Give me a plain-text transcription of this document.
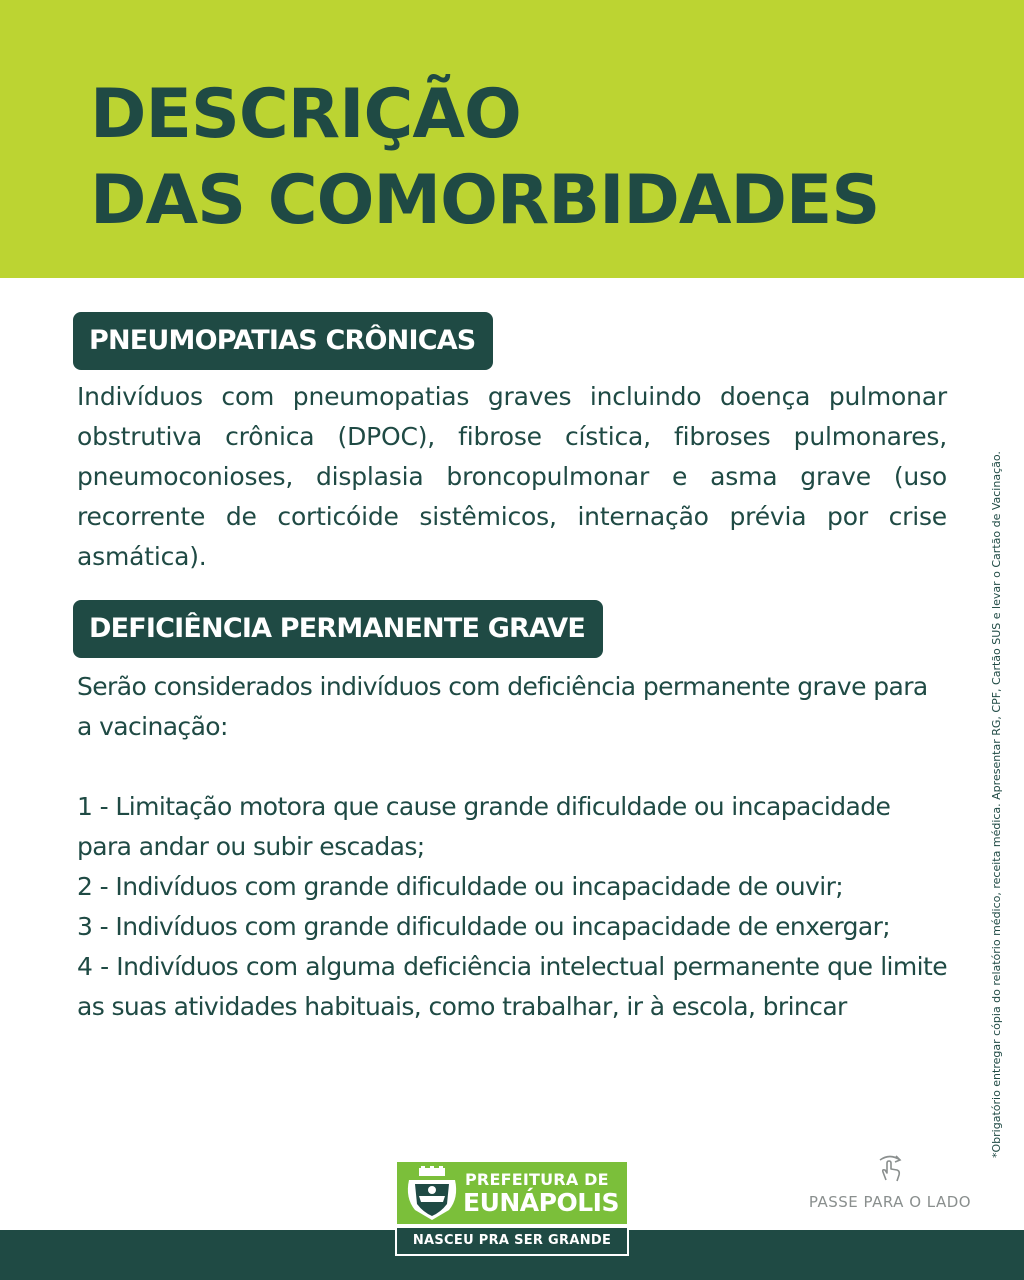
DESCRIÇÃO
DAS COMORBIDADES
PNEUMOPATIAS CRÔNICAS

Indivíduos com pneumopatias graves incluindo doença pulmonar obstrutiva crônica (DPOC), fibrose cística, fibroses pulmonares, pneumoconioses, displasia broncopulmonar e asma grave (uso recorrente de corticóide sistêmicos, internação prévia por crise asmática).

DEFICIÊNCIA PERMANENTE GRAVE

Serão considerados indivíduos com deficiência permanente grave para a vacinação:

1 - Limitação motora que cause grande dificuldade ou incapacidade para andar ou subir escadas;

2 - Indivíduos com grande dificuldade ou incapacidade de ouvir;

3 - Indivíduos com grande dificuldade ou incapacidade de enxergar;

4 - Indivíduos com alguma deficiência intelectual permanente que limite as suas atividades habituais, como trabalhar, ir à escola, brincar	*Obrigatório entregar cópia do relatório médico, receita médica. Apresentar RG, CPF, Cartão SUS e levar o Cartão de Vacinação.
PASSE PARA O LADO
PREFEITURA DE
EUNÁPOLIS
NASCEU PRA SER GRANDE
